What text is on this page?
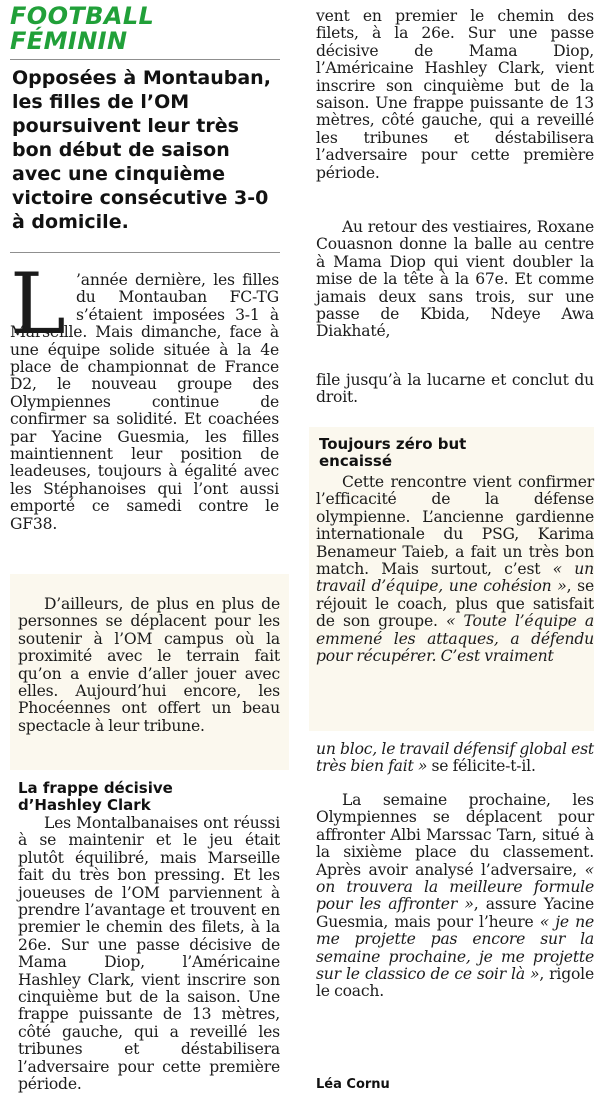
FOOTBALL
FÉMININ

Opposées à Montauban, les filles de l’OM poursuivent leur très bon début de saison avec une cinquième victoire consécutive 3-0 à domicile.

L ’année dernière, les filles du Montauban FC-TG s’étaient imposées 3-1 à Marseille. Mais dimanche, face à une équipe solide située à la 4e place de championnat de France D2, le nouveau groupe des Olympiennes continue de confirmer sa solidité. Et coachées par Yacine Guesmia, les filles maintiennent leur position de leadeuses, toujours à égalité avec les Stéphanoises qui l’ont aussi emporté ce samedi contre le GF38.

D’ailleurs, de plus en plus de personnes se déplacent pour les soutenir à l’OM campus où la proximité avec le terrain fait qu’on a envie d’aller jouer avec elles. Aujourd’hui encore, les Phocéennes ont offert un beau spectacle à leur tribune.

La frappe décisive d’Hashley Clark

Les Montalbanaises ont réussi à se maintenir et le jeu était plutôt équilibré, mais Marseille fait du très bon pressing. Et les joueuses de l’OM parviennent à prendre l’avantage et trouvent en premier le chemin des filets, à la 26e. Sur une passe décisive de Mama Diop, l’Américaine Hashley Clark, vient inscrire son cinquième but de la saison. Une frappe puissante de 13 mètres, côté gauche, qui a reveillé les tribunes et déstabilisera l’adversaire pour cette première période.

vent en premier le chemin des filets, à la 26e. Sur une passe décisive de Mama Diop, l’Américaine Hashley Clark, vient inscrire son cinquième but de la saison. Une frappe puissante de 13 mètres, côté gauche, qui a reveillé les tribunes et déstabilisera l’adversaire pour cette première période.

Au retour des vestiaires, Roxane Couasnon donne la balle au centre à Mama Diop qui vient doubler la mise de la tête à la 67e. Et comme jamais deux sans trois, sur une passe de Kbida, Ndeye Awa Diakhaté,

file jusqu’à la lucarne et conclut du droit.

Toujours zéro but encaissé

Cette rencontre vient confirmer l’efficacité de la défense olympienne. L’ancienne gardienne internationale du PSG, Karima Benameur Taieb, a fait un très bon match. Mais surtout, c’est « un travail d’équipe, une cohésion », se réjouit le coach, plus que satisfait de son groupe. « Toute l’équipe a emmené les attaques, a défendu pour récupérer. C’est vraiment

un bloc, le travail défensif global est très bien fait » se félicite-t-il.

La semaine prochaine, les Olympiennes se déplacent pour affronter Albi Marssac Tarn, situé à la sixième place du classement. Après avoir analysé l’adversaire, « on trouvera la meilleure formule pour les affronter », assure Yacine Guesmia, mais pour l’heure « je ne me projette pas encore sur la semaine prochaine, je me projette sur le classico de ce soir là », rigole le coach.

Léa Cornu
